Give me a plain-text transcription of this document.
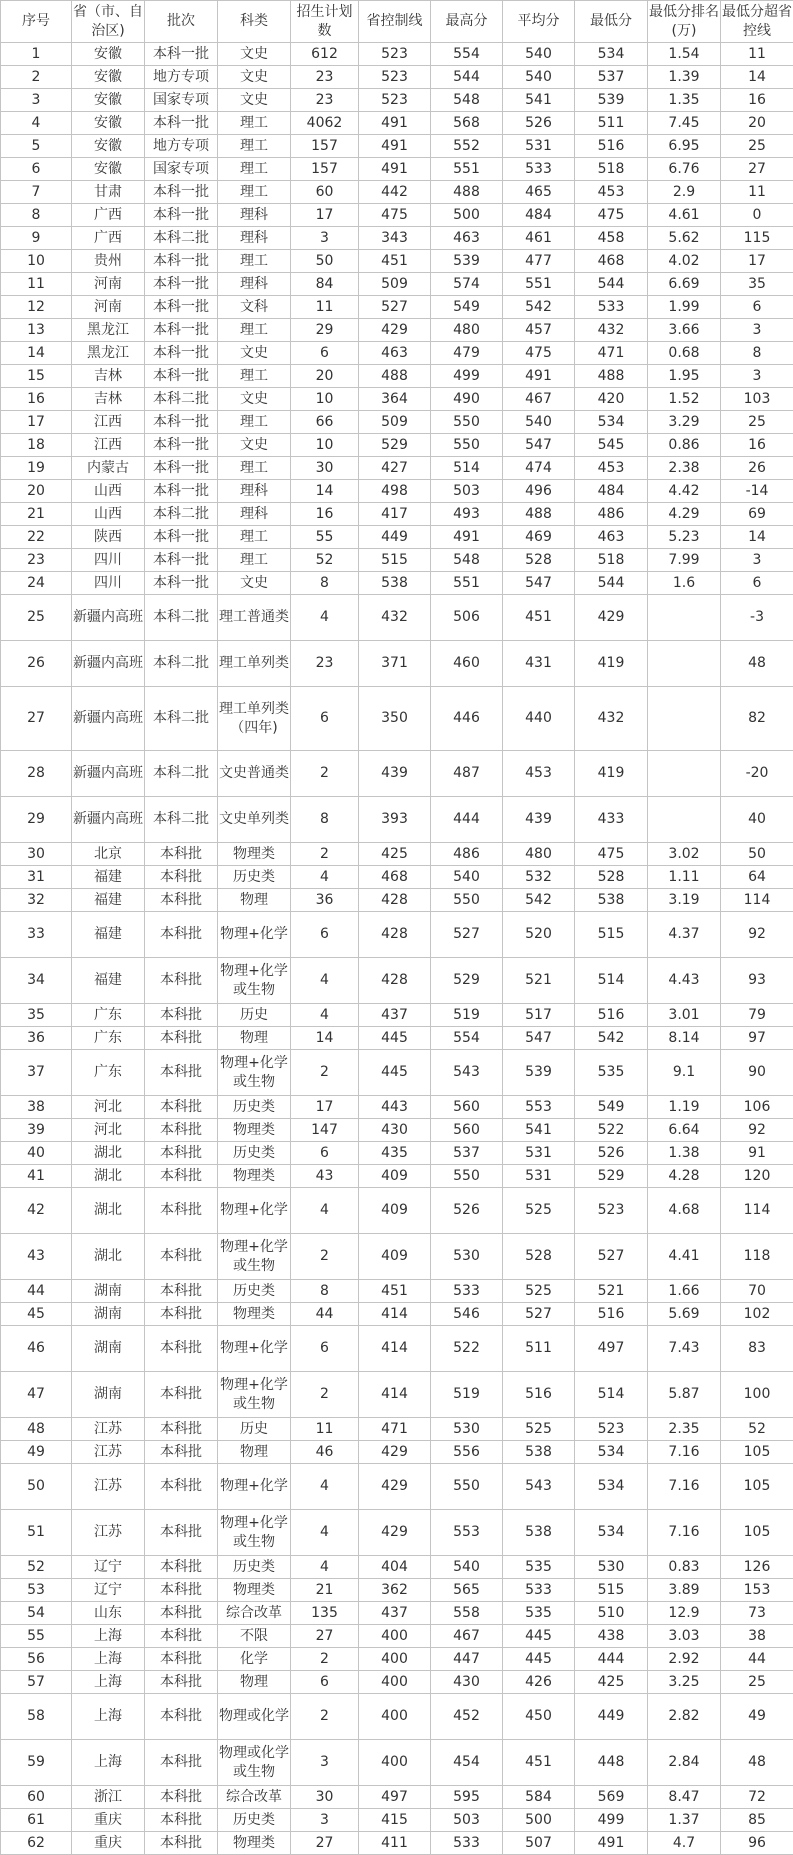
序号	省（市、自治区)	批次	科类	招生计划数	省控制线	最高分	平均分	最低分	最低分排名(万)	最低分超省控线
1	安徽	本科一批	文史	612	523	554	540	534	1.54	11
2	安徽	地方专项	文史	23	523	544	540	537	1.39	14
3	安徽	国家专项	文史	23	523	548	541	539	1.35	16
4	安徽	本科一批	理工	4062	491	568	526	511	7.45	20
5	安徽	地方专项	理工	157	491	552	531	516	6.95	25
6	安徽	国家专项	理工	157	491	551	533	518	6.76	27
7	甘肃	本科一批	理工	60	442	488	465	453	2.9	11
8	广西	本科一批	理科	17	475	500	484	475	4.61	0
9	广西	本科二批	理科	3	343	463	461	458	5.62	115
10	贵州	本科一批	理工	50	451	539	477	468	4.02	17
11	河南	本科一批	理科	84	509	574	551	544	6.69	35
12	河南	本科一批	文科	11	527	549	542	533	1.99	6
13	黑龙江	本科一批	理工	29	429	480	457	432	3.66	3
14	黑龙江	本科一批	文史	6	463	479	475	471	0.68	8
15	吉林	本科一批	理工	20	488	499	491	488	1.95	3
16	吉林	本科二批	文史	10	364	490	467	420	1.52	103
17	江西	本科一批	理工	66	509	550	540	534	3.29	25
18	江西	本科一批	文史	10	529	550	547	545	0.86	16
19	内蒙古	本科一批	理工	30	427	514	474	453	2.38	26
20	山西	本科一批	理科	14	498	503	496	484	4.42	-14
21	山西	本科二批	理科	16	417	493	488	486	4.29	69
22	陕西	本科一批	理工	55	449	491	469	463	5.23	14
23	四川	本科一批	理工	52	515	548	528	518	7.99	3
24	四川	本科一批	文史	8	538	551	547	544	1.6	6
25	新疆内高班	本科二批	理工普通类	4	432	506	451	429		-3
26	新疆内高班	本科二批	理工单列类	23	371	460	431	419		48
27	新疆内高班	本科二批	理工单列类（四年)	6	350	446	440	432		82
28	新疆内高班	本科二批	文史普通类	2	439	487	453	419		-20
29	新疆内高班	本科二批	文史单列类	8	393	444	439	433		40
30	北京	本科批	物理类	2	425	486	480	475	3.02	50
31	福建	本科批	历史类	4	468	540	532	528	1.11	64
32	福建	本科批	物理	36	428	550	542	538	3.19	114
33	福建	本科批	物理+化学	6	428	527	520	515	4.37	92
34	福建	本科批	物理+化学或生物	4	428	529	521	514	4.43	93
35	广东	本科批	历史	4	437	519	517	516	3.01	79
36	广东	本科批	物理	14	445	554	547	542	8.14	97
37	广东	本科批	物理+化学或生物	2	445	543	539	535	9.1	90
38	河北	本科批	历史类	17	443	560	553	549	1.19	106
39	河北	本科批	物理类	147	430	560	541	522	6.64	92
40	湖北	本科批	历史类	6	435	537	531	526	1.38	91
41	湖北	本科批	物理类	43	409	550	531	529	4.28	120
42	湖北	本科批	物理+化学	4	409	526	525	523	4.68	114
43	湖北	本科批	物理+化学或生物	2	409	530	528	527	4.41	118
44	湖南	本科批	历史类	8	451	533	525	521	1.66	70
45	湖南	本科批	物理类	44	414	546	527	516	5.69	102
46	湖南	本科批	物理+化学	6	414	522	511	497	7.43	83
47	湖南	本科批	物理+化学或生物	2	414	519	516	514	5.87	100
48	江苏	本科批	历史	11	471	530	525	523	2.35	52
49	江苏	本科批	物理	46	429	556	538	534	7.16	105
50	江苏	本科批	物理+化学	4	429	550	543	534	7.16	105
51	江苏	本科批	物理+化学或生物	4	429	553	538	534	7.16	105
52	辽宁	本科批	历史类	4	404	540	535	530	0.83	126
53	辽宁	本科批	物理类	21	362	565	533	515	3.89	153
54	山东	本科批	综合改革	135	437	558	535	510	12.9	73
55	上海	本科批	不限	27	400	467	445	438	3.03	38
56	上海	本科批	化学	2	400	447	445	444	2.92	44
57	上海	本科批	物理	6	400	430	426	425	3.25	25
58	上海	本科批	物理或化学	2	400	452	450	449	2.82	49
59	上海	本科批	物理或化学或生物	3	400	454	451	448	2.84	48
60	浙江	本科批	综合改革	30	497	595	584	569	8.47	72
61	重庆	本科批	历史类	3	415	503	500	499	1.37	85
62	重庆	本科批	物理类	27	411	533	507	491	4.7	96
